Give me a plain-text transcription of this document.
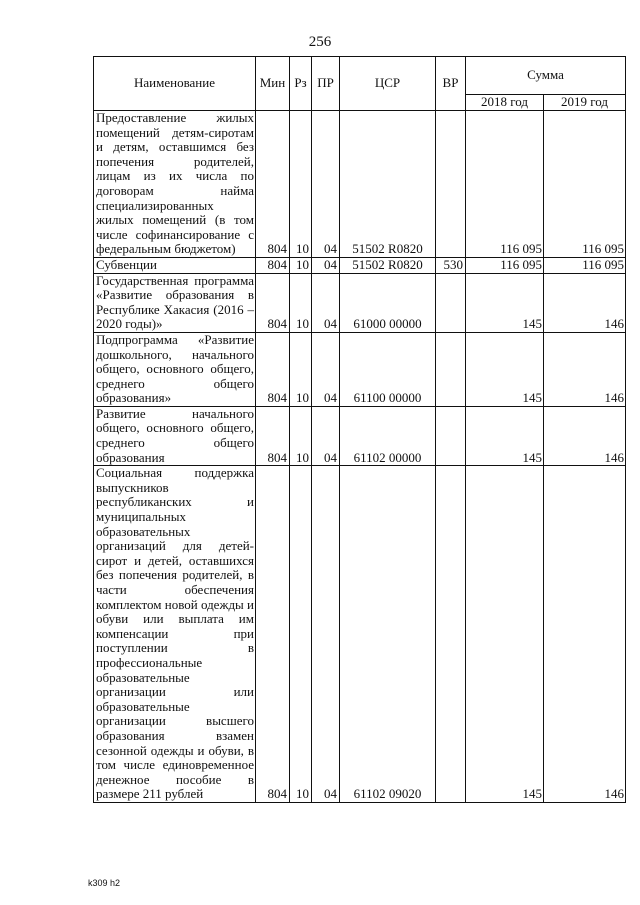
256
Наименование	Мин	Рз	ПР	ЦСР	ВР	Сумма	
						2018 год	2019 год
Предоставление жилых помещений детям-сиротам и детям, оставшимся без попечения родителей, лицам из их числа по договорам найма специализированных жилых помещений (в том числе софинансирование с федеральным бюджетом)	804	10	04	51502 R0820		116 095	116 095
Субвенции	804	10	04	51502 R0820	530	116 095	116 095
Государственная программа «Развитие образования в Республике Хакасия (2016 – 2020 годы)»	804	10	04	61000 00000		145	146
Подпрограмма «Развитие дошкольного, начального общего, основного общего, среднего общего образования»	804	10	04	61100 00000		145	146
Развитие начального общего, основного общего, среднего общего образования	804	10	04	61102 00000		145	146
Социальная поддержка выпускников республиканских и муниципальных образовательных организаций для детей-сирот и детей, оставшихся без попечения родителей, в части обеспечения комплектом новой одежды и обуви или выплата им компенсации при поступлении в профессиональные образовательные организации или образовательные организации высшего образования взамен сезонной одежды и обуви, в том числе единовременное денежное пособие в размере 211 рублей	804	10	04	61102 09020		145	146
k309 h2
